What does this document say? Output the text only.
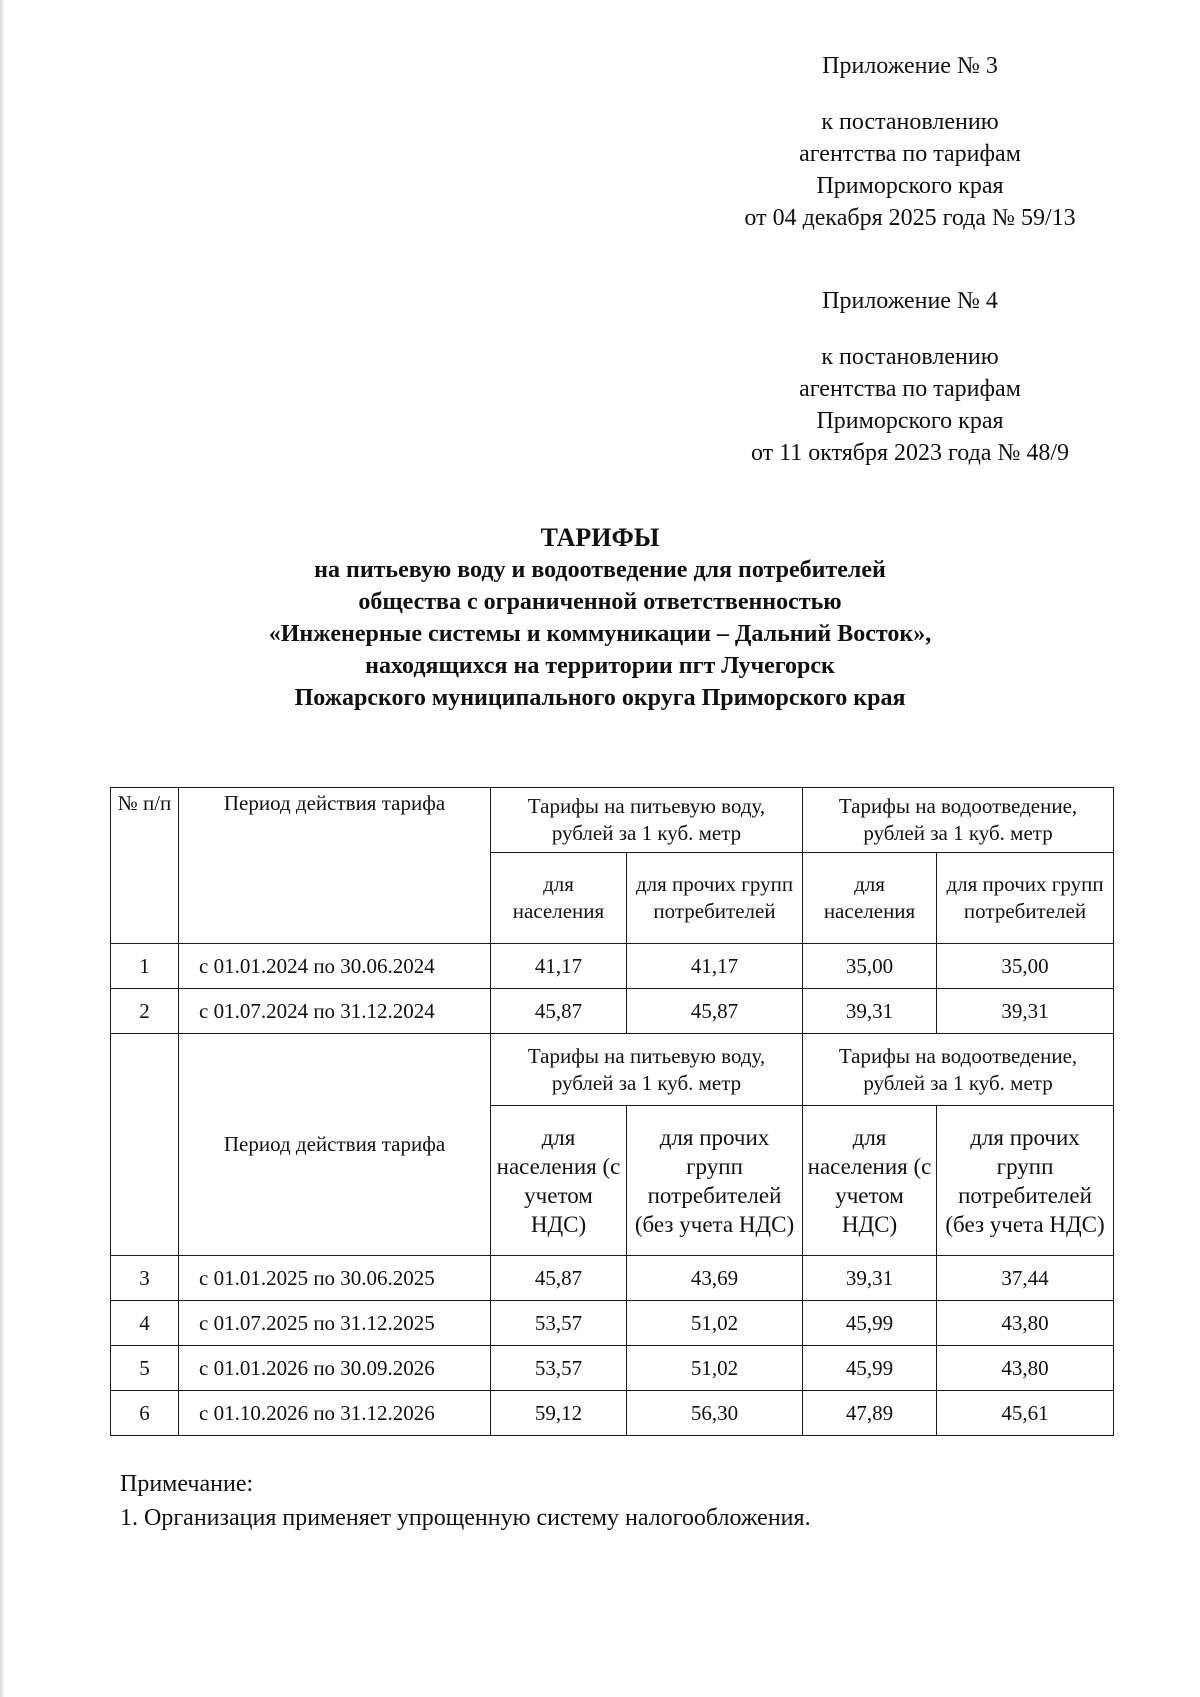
Приложение № 3
к постановлению
агентства по тарифам
Приморского края
от 04 декабря 2025 года № 59/13
Приложение № 4
к постановлению
агентства по тарифам
Приморского края
от 11 октября 2023 года № 48/9
ТАРИФЫ
на питьевую воду и водоотведение для потребителей
общества с ограниченной ответственностью
«Инженерные системы и коммуникации – Дальний Восток»,
находящихся на территории пгт Лучегорск
Пожарского муниципального округа Приморского края
№ п/п	Период действия тарифа	Тарифы на питьевую воду, рублей за 1 куб. метр		Тарифы на водоотведение, рублей за 1 куб. метр	
		для населения	для прочих групп потребителей	для населения	для прочих групп потребителей
1	с 01.01.2024 по 30.06.2024	41,17	41,17	35,00	35,00
2	с 01.07.2024 по 31.12.2024	45,87	45,87	39,31	39,31
	Период действия тарифа	Тарифы на питьевую воду, рублей за 1 куб. метр		Тарифы на водоотведение, рублей за 1 куб. метр	
		для населения (с учетом НДС)	для прочих групп потребителей (без учета НДС)	для населения (с учетом НДС)	для прочих групп потребителей (без учета НДС)
3	с 01.01.2025 по 30.06.2025	45,87	43,69	39,31	37,44
4	с 01.07.2025 по 31.12.2025	53,57	51,02	45,99	43,80
5	с 01.01.2026 по 30.09.2026	53,57	51,02	45,99	43,80
6	с 01.10.2026 по 31.12.2026	59,12	56,30	47,89	45,61
Примечание:
1. Организация применяет упрощенную систему налогообложения.
